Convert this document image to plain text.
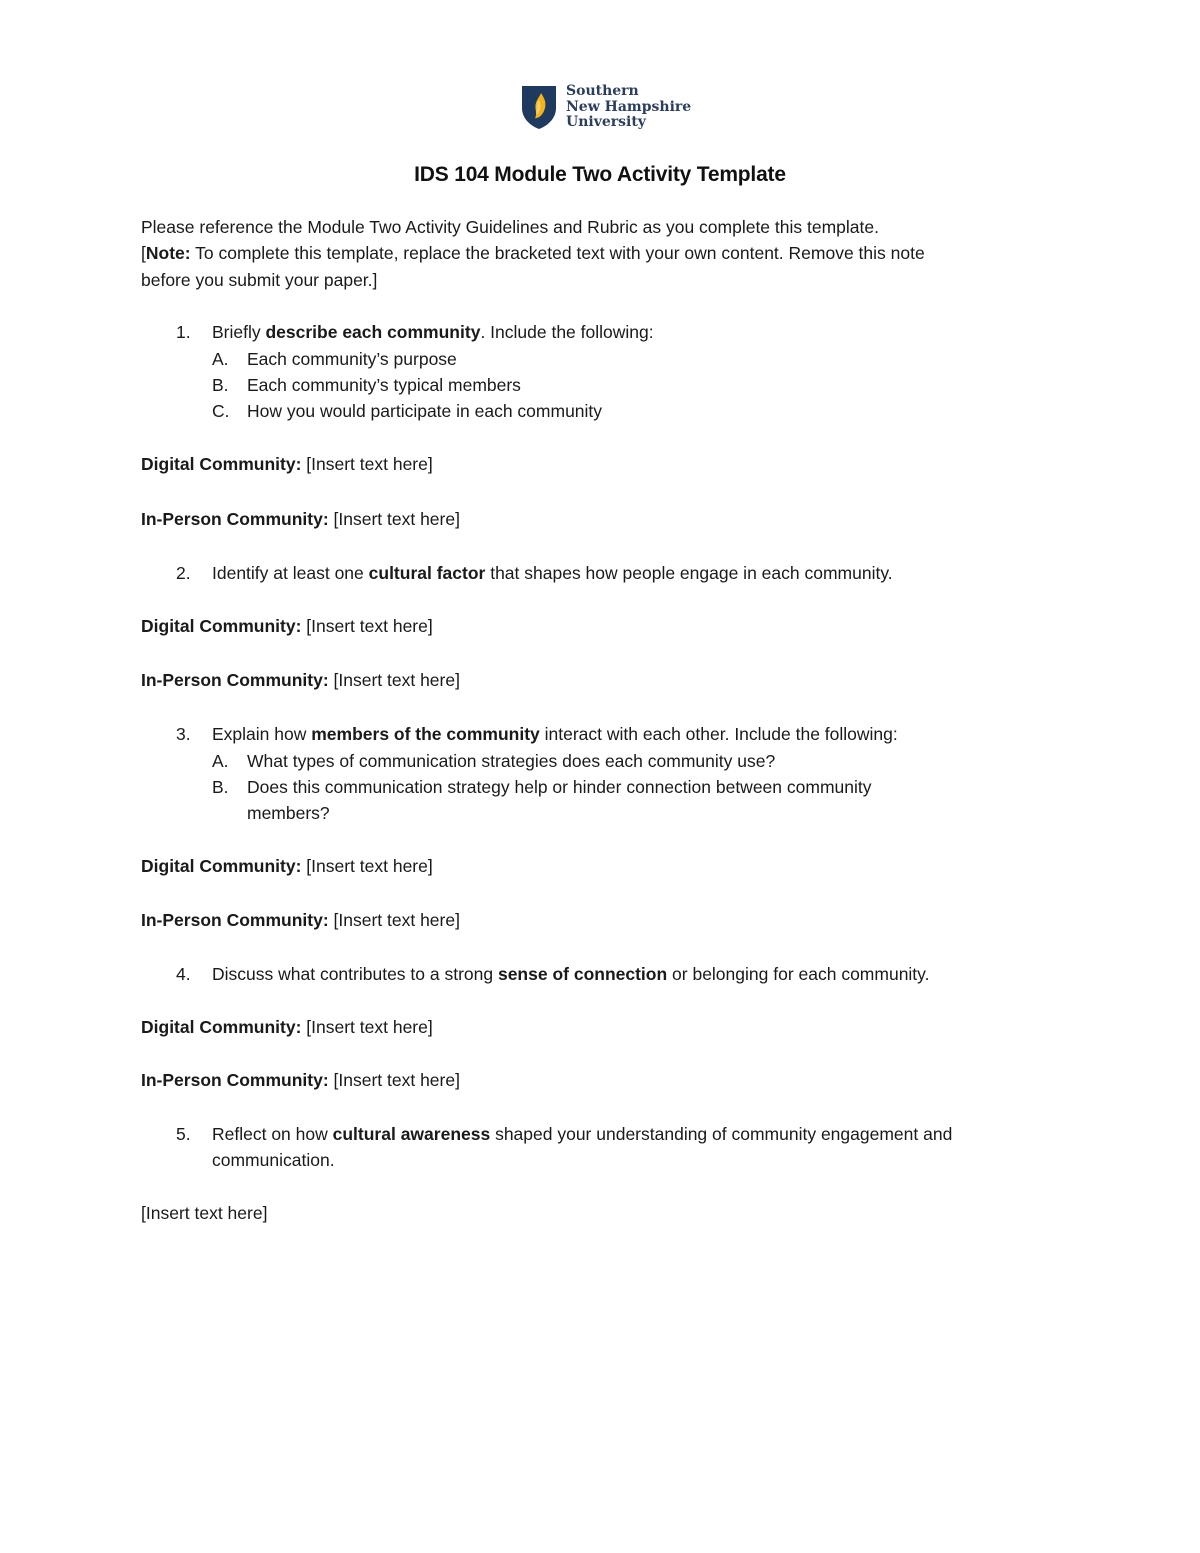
Southern
New Hampshire
University
IDS 104 Module Two Activity Template
Please reference the Module Two Activity Guidelines and Rubric as you complete this template.
[Note: To complete this template, replace the bracketed text with your own content. Remove this note
before you submit your paper.]
1. Briefly describe each community. Include the following:
A. Each community’s purpose
B. Each community’s typical members
C. How you would participate in each community
Digital Community: [Insert text here]
In-Person Community: [Insert text here]
2. Identify at least one cultural factor that shapes how people engage in each community.
Digital Community: [Insert text here]
In-Person Community: [Insert text here]
3. Explain how members of the community interact with each other. Include the following:
A. What types of communication strategies does each community use?
B. Does this communication strategy help or hinder connection between community
members?
Digital Community: [Insert text here]
In-Person Community: [Insert text here]
4. Discuss what contributes to a strong sense of connection or belonging for each community.
Digital Community: [Insert text here]
In-Person Community: [Insert text here]
5. Reflect on how cultural awareness shaped your understanding of community engagement and
communication.
[Insert text here]
